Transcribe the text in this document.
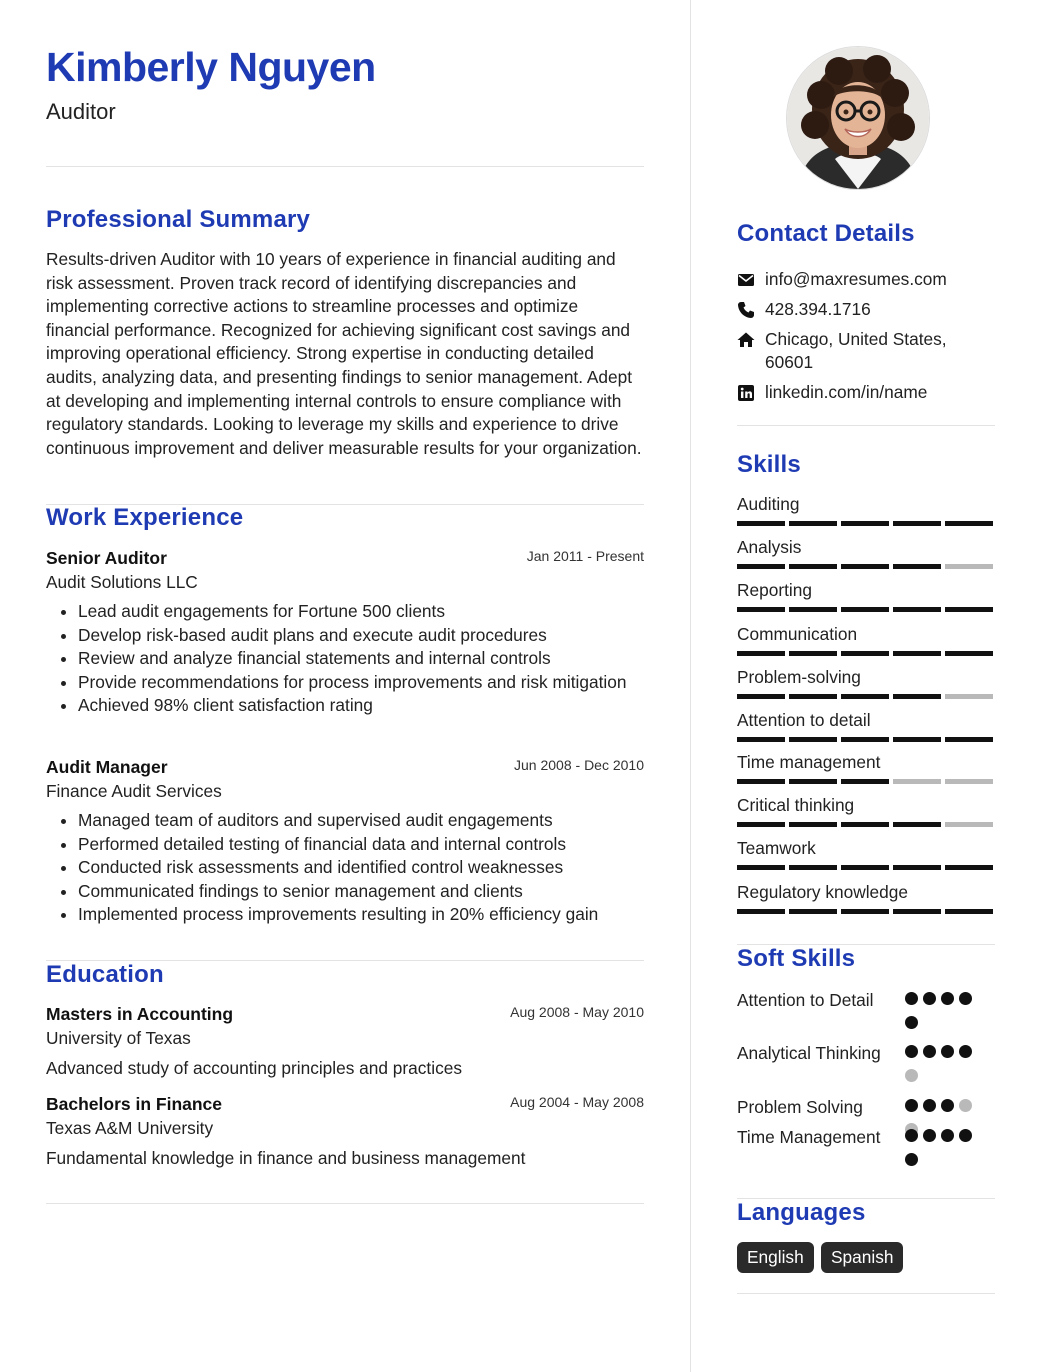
Kimberly Nguyen
Auditor
Professional Summary
Results-driven Auditor with 10 years of experience in financial auditing and risk assessment. Proven track record of identifying discrepancies and implementing corrective actions to streamline processes and optimize financial performance. Recognized for achieving significant cost savings and improving operational efficiency. Strong expertise in conducting detailed audits, analyzing data, and presenting findings to senior management. Adept at developing and implementing internal controls to ensure compliance with regulatory standards. Looking to leverage my skills and experience to drive continuous improvement and deliver measurable results for your organization.
Work Experience
Senior Auditor	Jan 2011 - Present
Audit Solutions LLC
• Lead audit engagements for Fortune 500 clients
• Develop risk-based audit plans and execute audit procedures
• Review and analyze financial statements and internal controls
• Provide recommendations for process improvements and risk mitigation
• Achieved 98% client satisfaction rating
Audit Manager	Jun 2008 - Dec 2010
Finance Audit Services
• Managed team of auditors and supervised audit engagements
• Performed detailed testing of financial data and internal controls
• Conducted risk assessments and identified control weaknesses
• Communicated findings to senior management and clients
• Implemented process improvements resulting in 20% efficiency gain
Education
Masters in Accounting	Aug 2008 - May 2010
University of Texas
Advanced study of accounting principles and practices
Bachelors in Finance	Aug 2004 - May 2008
Texas A&M University
Fundamental knowledge in finance and business management
Contact Details
info@maxresumes.com
428.394.1716
Chicago, United States, 60601
linkedin.com/in/name
Skills
Auditing
Analysis
Reporting
Communication
Problem-solving
Attention to detail
Time management
Critical thinking
Teamwork
Regulatory knowledge
Soft Skills
Attention to Detail
Analytical Thinking
Problem Solving
Time Management
Languages
English	Spanish
